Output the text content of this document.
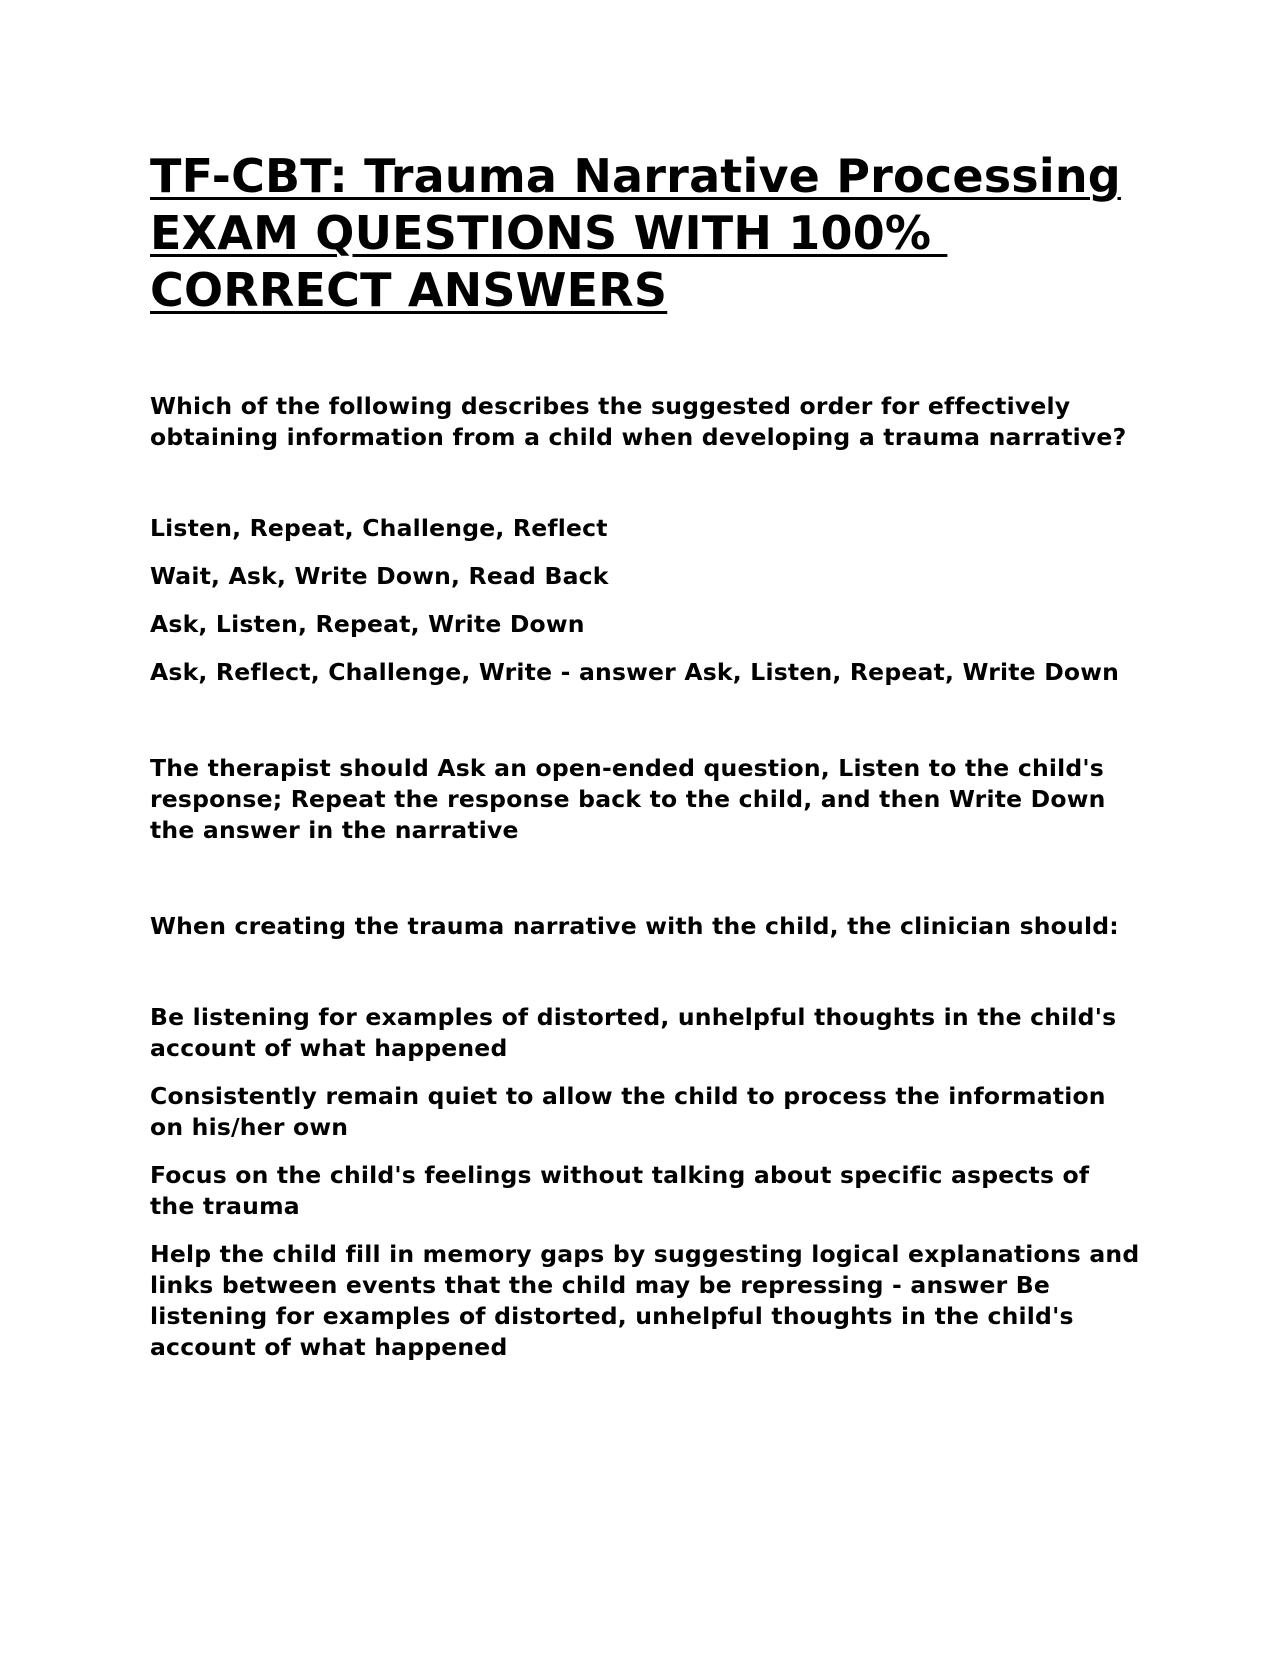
TF-CBT: Trauma Narrative Processing
EXAM QUESTIONS WITH 100%
CORRECT ANSWERS

Which of the following describes the suggested order for effectively obtaining information from a child when developing a trauma narrative?

Listen, Repeat, Challenge, Reflect
Wait, Ask, Write Down, Read Back
Ask, Listen, Repeat, Write Down
Ask, Reflect, Challenge, Write - answer Ask, Listen, Repeat, Write Down

The therapist should Ask an open-ended question, Listen to the child's response; Repeat the response back to the child, and then Write Down the answer in the narrative

When creating the trauma narrative with the child, the clinician should:

Be listening for examples of distorted, unhelpful thoughts in the child's account of what happened
Consistently remain quiet to allow the child to process the information on his/her own
Focus on the child's feelings without talking about specific aspects of the trauma
Help the child fill in memory gaps by suggesting logical explanations and links between events that the child may be repressing - answer Be listening for examples of distorted, unhelpful thoughts in the child's account of what happened
